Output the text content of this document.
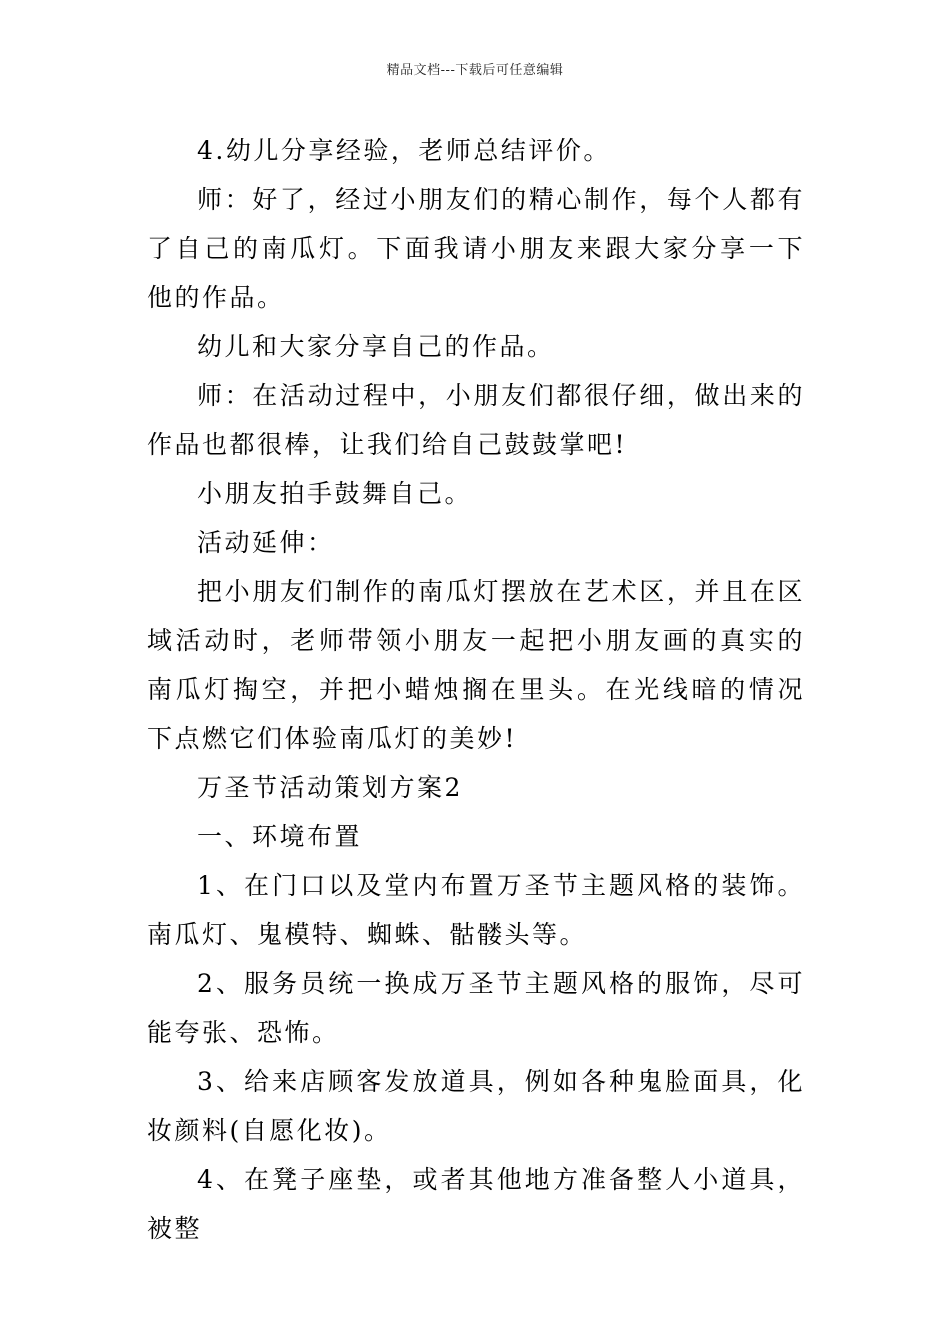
精品文档---下载后可任意编辑

4.幼儿分享经验，老师总结评价。

师：好了，经过小朋友们的精心制作，每个人都有了自己的南瓜灯。下面我请小朋友来跟大家分享一下他的作品。

幼儿和大家分享自己的作品。

师：在活动过程中，小朋友们都很仔细，做出来的作品也都很棒，让我们给自己鼓鼓掌吧!

小朋友拍手鼓舞自己。

活动延伸：

把小朋友们制作的南瓜灯摆放在艺术区，并且在区域活动时，老师带领小朋友一起把小朋友画的真实的南瓜灯掏空，并把小蜡烛搁在里头。在光线暗的情况下点燃它们体验南瓜灯的美妙!

万圣节活动策划方案2

一、环境布置

1、在门口以及堂内布置万圣节主题风格的装饰。南瓜灯、鬼模特、蜘蛛、骷髅头等。

2、服务员统一换成万圣节主题风格的服饰，尽可能夸张、恐怖。

3、给来店顾客发放道具，例如各种鬼脸面具，化妆颜料(自愿化妆)。

4、在凳子座垫，或者其他地方准备整人小道具，被整
